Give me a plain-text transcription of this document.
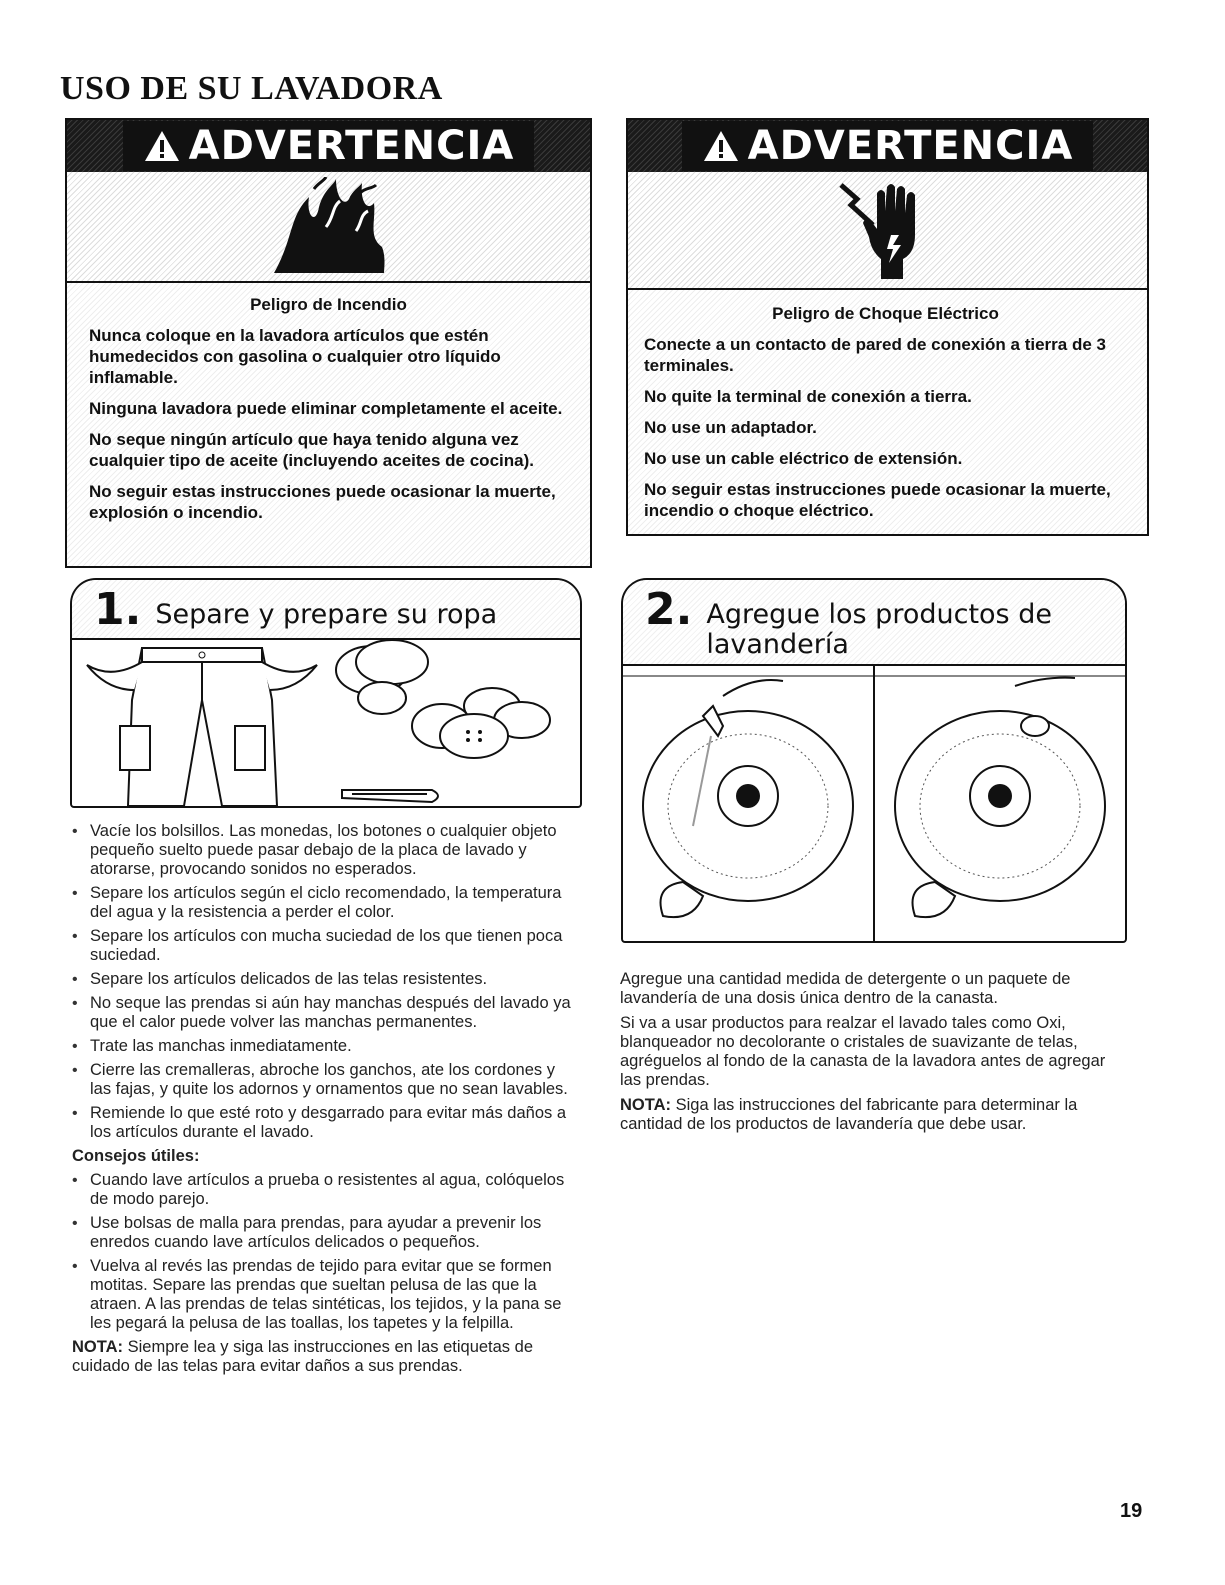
USO DE SU LAVADORA
ADVERTENCIA
Peligro de Incendio
Nunca coloque en la lavadora artículos que estén humedecidos con gasolina o cualquier otro líquido inflamable.
Ninguna lavadora puede eliminar completamente el aceite.
No seque ningún artículo que haya tenido alguna vez cualquier tipo de aceite (incluyendo aceites de cocina).
No seguir estas instrucciones puede ocasionar la muerte, explosión o incendio.
ADVERTENCIA
Peligro de Choque Eléctrico
Conecte a un contacto de pared de conexión a tierra de 3 terminales.
No quite la terminal de conexión a tierra.
No use un adaptador.
No use un cable eléctrico de extensión.
No seguir estas instrucciones puede ocasionar la muerte, incendio o choque eléctrico.
1. Separe y prepare su ropa	2. Agregue los productos de
lavandería
• Vacíe los bolsillos. Las monedas, los botones o cualquier objeto pequeño suelto puede pasar debajo de la placa de lavado y atorarse, provocando sonidos no esperados.
• Separe los artículos según el ciclo recomendado, la temperatura del agua y la resistencia a perder el color.
• Separe los artículos con mucha suciedad de los que tienen poca suciedad.
• Separe los artículos delicados de las telas resistentes.
• No seque las prendas si aún hay manchas después del lavado ya que el calor puede volver las manchas permanentes.
• Trate las manchas inmediatamente.
• Cierre las cremalleras, abroche los ganchos, ate los cordones y las fajas, y quite los adornos y ornamentos que no sean lavables.
• Remiende lo que esté roto y desgarrado para evitar más daños a los artículos durante el lavado.
Consejos útiles:
• Cuando lave artículos a prueba o resistentes al agua, colóquelos de modo parejo.
• Use bolsas de malla para prendas, para ayudar a prevenir los enredos cuando lave artículos delicados o pequeños.
• Vuelva al revés las prendas de tejido para evitar que se formen motitas. Separe las prendas que sueltan pelusa de las que la atraen. A las prendas de telas sintéticas, los tejidos, y la pana se les pegará la pelusa de las toallas, los tapetes y la felpilla.
NOTA: Siempre lea y siga las instrucciones en las etiquetas de cuidado de las telas para evitar daños a sus prendas.
Agregue una cantidad medida de detergente o un paquete de lavandería de una dosis única dentro de la canasta.
Si va a usar productos para realzar el lavado tales como Oxi, blanqueador no decolorante o cristales de suavizante de telas, agréguelos al fondo de la canasta de la lavadora antes de agregar las prendas.
NOTA: Siga las instrucciones del fabricante para determinar la cantidad de los productos de lavandería que debe usar.
19
